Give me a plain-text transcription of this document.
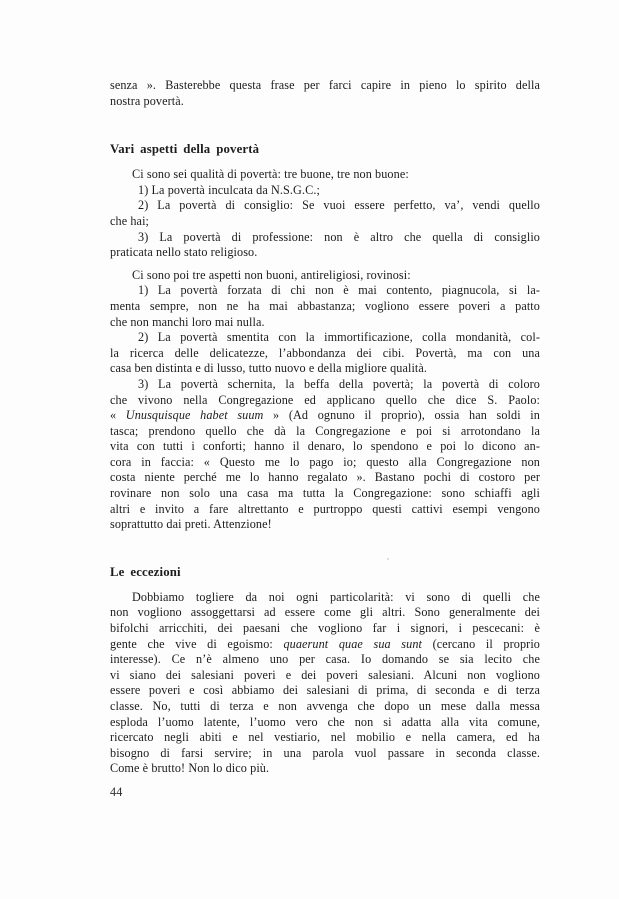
senza ». Basterebbe questa frase per farci capire in pieno lo spirito della
nostra povertà.
Vari aspetti della povertà
Ci sono sei qualità di povertà: tre buone, tre non buone:
1) La povertà inculcata da N.S.G.C.;
2) La povertà di consiglio: Se vuoi essere perfetto, va’, vendi quello
che hai;
3) La povertà di professione: non è altro che quella di consiglio
praticata nello stato religioso.
Ci sono poi tre aspetti non buoni, antireligiosi, rovinosi:
1) La povertà forzata di chi non è mai contento, piagnucola, si la-
menta sempre, non ne ha mai abbastanza; vogliono essere poveri a patto
che non manchi loro mai nulla.
2) La povertà smentita con la immortificazione, colla mondanità, col-
la ricerca delle delicatezze, l’abbondanza dei cibi. Povertà, ma con una
casa ben distinta e di lusso, tutto nuovo e della migliore qualità.
3) La povertà schernita, la beffa della povertà; la povertà di coloro
che vivono nella Congregazione ed applicano quello che dice S. Paolo:
« Unusquisque habet suum » (Ad ognuno il proprio), ossia han soldi in
tasca; prendono quello che dà la Congregazione e poi si arrotondano la
vita con tutti i conforti; hanno il denaro, lo spendono e poi lo dicono an-
cora in faccia: « Questo me lo pago io; questo alla Congregazione non
costa niente perché me lo hanno regalato ». Bastano pochi di costoro per
rovinare non solo una casa ma tutta la Congregazione: sono schiaffi agli
altri e invito a fare altrettanto e purtroppo questi cattivi esempi vengono
soprattutto dai preti. Attenzione!
Le eccezioni
Dobbiamo togliere da noi ogni particolarità: vi sono di quelli che
non vogliono assoggettarsi ad essere come gli altri. Sono generalmente dei
bifolchi arricchiti, dei paesani che vogliono far i signori, i pescecani: è
gente che vive di egoismo: quaerunt quae sua sunt (cercano il proprio
interesse). Ce n’è almeno uno per casa. Io domando se sia lecito che
vi siano dei salesiani poveri e dei poveri salesiani. Alcuni non vogliono
essere poveri e così abbiamo dei salesiani di prima, di seconda e di terza
classe. No, tutti di terza e non avvenga che dopo un mese dalla messa
esploda l’uomo latente, l’uomo vero che non si adatta alla vita comune,
ricercato negli abiti e nel vestiario, nel mobilio e nella camera, ed ha
bisogno di farsi servire; in una parola vuol passare in seconda classe.
Come è brutto! Non lo dico più.
44
